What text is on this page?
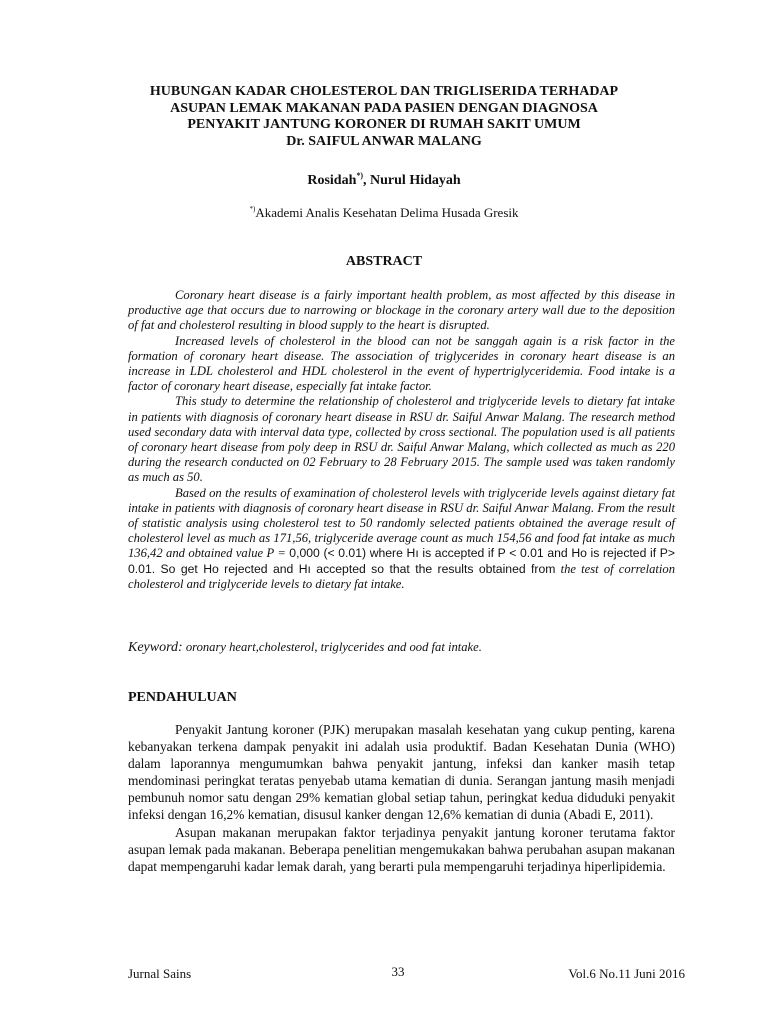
HUBUNGAN KADAR CHOLESTEROL DAN TRIGLISERIDA TERHADAP
ASUPAN LEMAK MAKANAN PADA PASIEN DENGAN DIAGNOSA
PENYAKIT JANTUNG KORONER DI RUMAH SAKIT UMUM
Dr. SAIFUL ANWAR MALANG
Rosidah*), Nurul Hidayah
*)Akademi Analis Kesehatan Delima Husada Gresik
ABSTRACT

Coronary heart disease is a fairly important health problem, as most affected by this disease in productive age that occurs due to narrowing or blockage in the coronary artery wall due to the deposition of fat and cholesterol resulting in blood supply to the heart is disrupted.

Increased levels of cholesterol in the blood can not be sanggah again is a risk factor in the formation of coronary heart disease. The association of triglycerides in coronary heart disease is an increase in LDL cholesterol and HDL cholesterol in the event of hypertriglyceridemia. Food intake is a factor of coronary heart disease, especially fat intake factor.

This study to determine the relationship of cholesterol and triglyceride levels to dietary fat intake in patients with diagnosis of coronary heart disease in RSU dr. Saiful Anwar Malang. The research method used secondary data with interval data type, collected by cross sectional. The population used is all patients of coronary heart disease from poly deep in RSU dr. Saiful Anwar Malang, which collected as much as 220 during the research conducted on 02 February to 28 February 2015. The sample used was taken randomly as much as 50.

Based on the results of examination of cholesterol levels with triglyceride levels against dietary fat intake in patients with diagnosis of coronary heart disease in RSU dr. Saiful Anwar Malang. From the result of statistic analysis using cholesterol test to 50 randomly selected patients obtained the average result of cholesterol level as much as 171,56, triglyceride average count as much 154,56 and food fat intake as much 136,42 and obtained value P = 0,000 (< 0.01) where Hı is accepted if P < 0.01 and Ho is rejected if P> 0.01. So get Ho rejected and Hı accepted so that the results obtained from the test of correlation cholesterol and triglyceride levels to dietary fat intake.

Keyword: oronary heart,cholesterol, triglycerides and ood fat intake.
PENDAHULUAN

Penyakit Jantung koroner (PJK) merupakan masalah kesehatan yang cukup penting, karena kebanyakan terkena dampak penyakit ini adalah usia produktif. Badan Kesehatan Dunia (WHO) dalam laporannya mengumumkan bahwa penyakit jantung, infeksi dan kanker masih tetap mendominasi peringkat teratas penyebab utama kematian di dunia. Serangan jantung masih menjadi pembunuh nomor satu dengan 29% kematian global setiap tahun, peringkat kedua diduduki penyakit infeksi dengan 16,2% kematian, disusul kanker dengan 12,6% kematian di dunia (Abadi E, 2011).

Asupan makanan merupakan faktor terjadinya penyakit jantung koroner terutama faktor asupan lemak pada makanan. Beberapa penelitian mengemukakan bahwa perubahan asupan makanan dapat mempengaruhi kadar lemak darah, yang berarti pula mempengaruhi terjadinya hiperlipidemia.

Jurnal Sains	33	Vol.6 No.11 Juni 2016
